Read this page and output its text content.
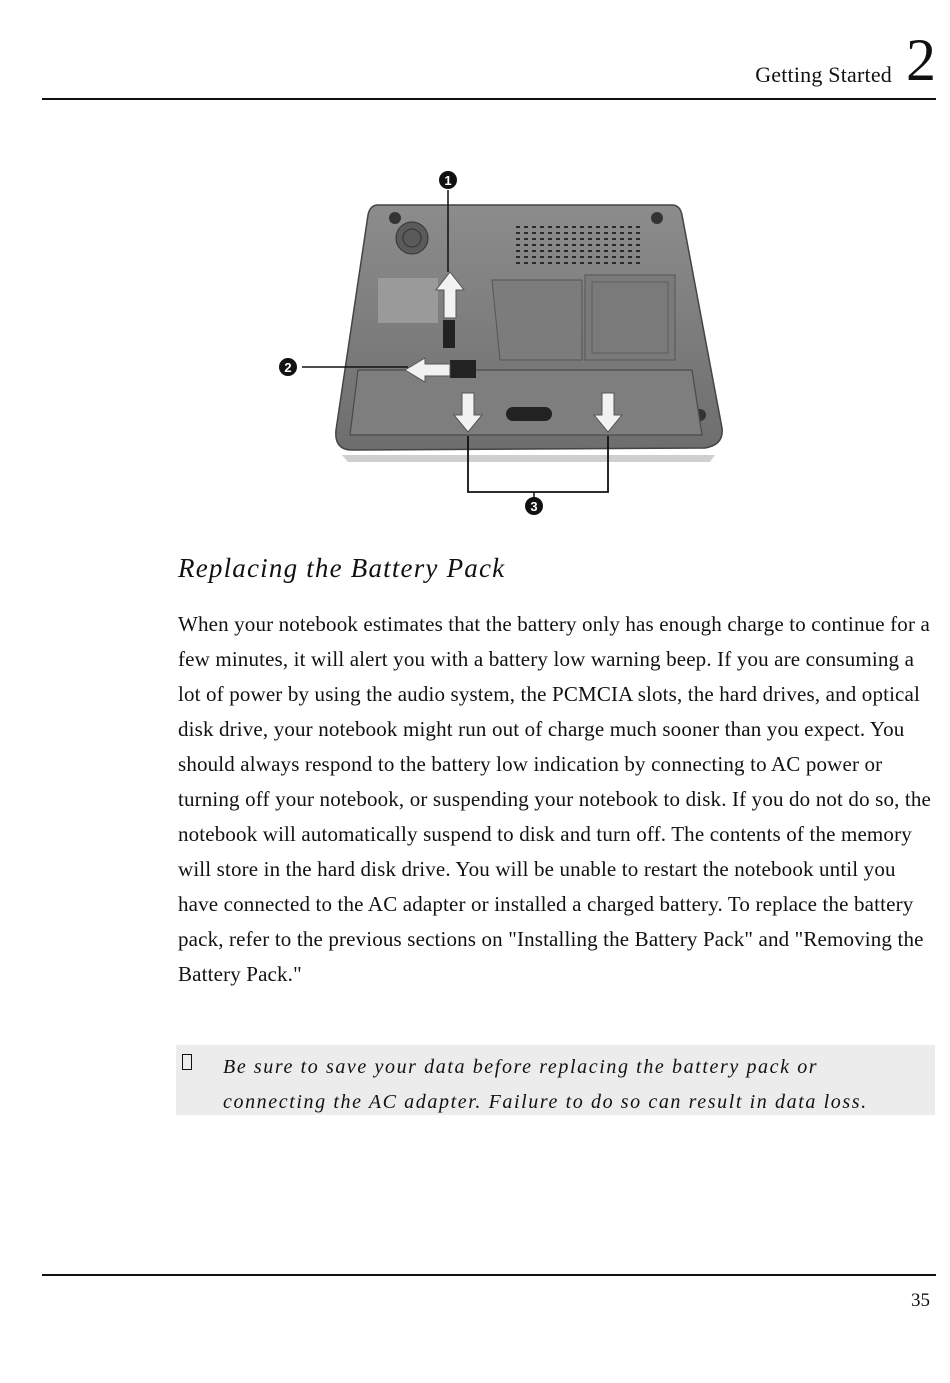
Getting Started 2
1
2
3
Replacing the Battery Pack

When your notebook estimates that the battery only has enough charge to continue for a few minutes, it will alert you with a battery low warning beep. If you are consuming a lot of power by using the audio system, the PCMCIA slots, the hard drives, and optical disk drive, your notebook might run out of charge much sooner than you expect. You should always respond to the battery low indication by connecting to AC power or turning off your notebook, or suspending your notebook to disk. If you do not do so, the notebook will automatically suspend to disk and turn off. The contents of the memory will store in the hard disk drive. You will be unable to restart the notebook until you have connected to the AC adapter or installed a charged battery. To replace the battery pack, refer to the previous sections on "Installing the Battery Pack" and "Removing the Battery Pack."

Be sure to save your data before replacing the battery pack or connecting the AC adapter. Failure to do so can result in data loss.
35
